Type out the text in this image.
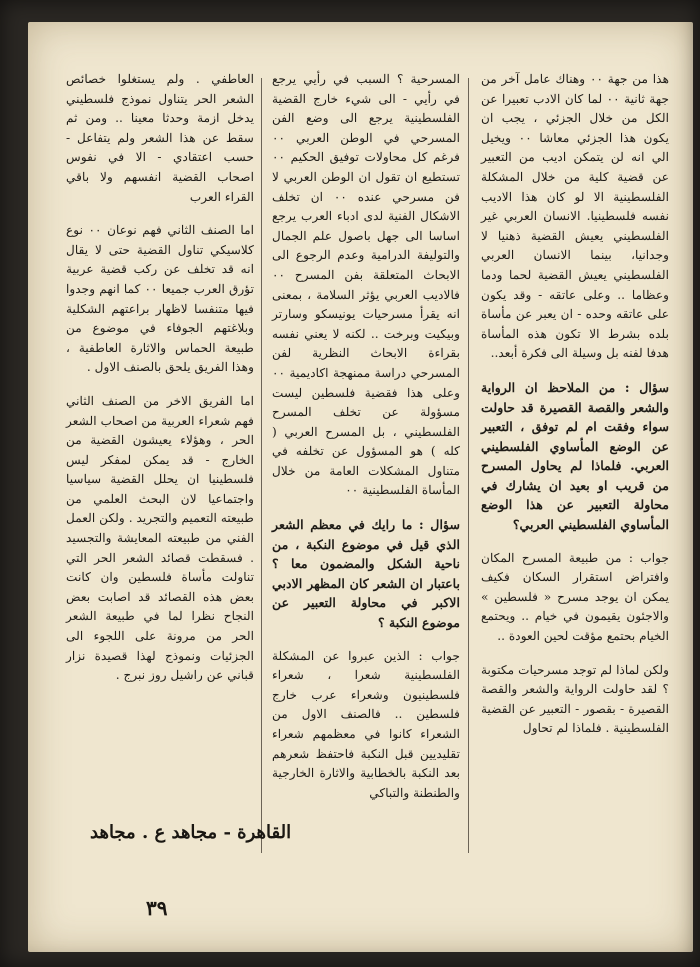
هذا من جهة ٠٠ وهناك عامل آخر من جهة ثانية ٠٠ لما كان الادب تعبيرا عن الكل من خلال الجزئي ، يجب ان يكون هذا الجزئي معاشا ٠٠ ويخيل الي انه لن يتمكن اديب من التعبير عن قضية كلية من خلال المشكلة الفلسطينية الا لو كان هذا الاديب نفسه فلسطينيا. الانسان العربي غير الفلسطيني يعيش القضية ذهنيا لا وجدانيا، بينما الانسان العربي الفلسطيني يعيش القضية لحما ودما وعظاما .. وعلى عاتقه - وقد يكون على عاتقه وحده - ان يعبر عن مأساة بلده بشرط الا تكون هذه المأساة هدفا لفنه بل وسيلة الى فكرة أبعد..

سؤال : من الملاحظ ان الرواية والشعر والقصة القصيرة قد حاولت سواء وفقت ام لم توفق ، التعبير عن الوضع المأساوي الفلسطيني العربي. فلماذا لم يحاول المسرح من قريب او بعيد ان يشارك في محاولة التعبير عن هذا الوضع المأساوي الفلسطيني العربي؟

جواب : من طبيعة المسرح المكان وافتراض استقرار السكان فكيف يمكن ان يوجد مسرح « فلسطين » والاجئون يقيمون في خيام .. ويحتمع الخيام بحتمع مؤقت لحين العودة ..

ولكن لماذا لم توجد مسرحيات مكتوبة ؟ لقد حاولت الرواية والشعر والقصة القصيرة - بقصور - التعبير عن القضية الفلسطينية . فلماذا لم تحاول

المسرحية ؟ السبب في رأيي يرجع في رأيي - الى شيء خارج القضية الفلسطينية يرجع الى وضع الفن المسرحي في الوطن العربي ٠٠ فرغم كل محاولات توفيق الحكيم ٠٠ تستطيع ان تقول ان الوطن العربي لا فن مسرحي عنده ٠٠ ان تخلف الاشكال الفنية لدى ادباء العرب يرجع اساسا الى جهل باصول علم الجمال والتوليفة الدرامية وعدم الرجوع الى الابحاث المتعلقة بفن المسرح ٠٠ فالاديب العربي يؤثر السلامة ، بمعنى انه يقرأ مسرحيات يونيسكو وسارتر وبيكيت وبرخت .. لكنه لا يعني نفسه بقراءة الابحاث النظرية لفن المسرحي دراسة ممنهجة اكاديمية ٠٠ وعلى هذا فقضية فلسطين ليست مسؤولة عن تخلف المسرح الفلسطيني ، بل المسرح العربي ( كله ) هو المسؤول عن تخلفه في متناول المشكلات العامة من خلال المأساة الفلسطينية ٠٠

سؤال : ما رايك في معظم الشعر الذي قيل في موضوع النكبة ، من ناحية الشكل والمضمون معا ؟ باعتبار ان الشعر كان المظهر الادبي الاكبر في محاولة التعبير عن موضوع النكبة ؟

جواب : الذين عبروا عن المشكلة الفلسطينية شعرا ، شعراء فلسطينيون وشعراء عرب خارج فلسطين .. فالصنف الاول من الشعراء كانوا في معظمهم شعراء تقليديين قبل النكبة فاحتفظ شعرهم بعد النكبة بالخطابية والاثارة الخارجية والطنطنة والتباكي

العاطفي . ولم يستغلوا خصائص الشعر الحر يتناول نموذج فلسطيني يدخل ازمة وحدثا معينا .. ومن ثم سقط عن هذا الشعر ولم يتفاعل - حسب اعتقادي - الا في نفوس اصحاب القضية انفسهم ولا باقي القراء العرب

اما الصنف الثاني فهم نوعان ٠٠ نوع كلاسيكي تناول القضية حتى لا يقال انه قد تخلف عن ركب قضية عربية تؤرق العرب جميعا ٠٠ كما انهم وجدوا فيها متنفسا لاظهار براعتهم الشكلية وبلاغتهم الجوفاء في موضوع من طبيعة الحماس والاثارة العاطفية ، وهذا الفريق يلحق بالصنف الاول .

اما الفريق الاخر من الصنف الثاني فهم شعراء العربية من اصحاب الشعر الحر ، وهؤلاء يعيشون القضية من الخارج - قد يمكن لمفكر ليس فلسطينيا ان يحلل القضية سياسيا واجتماعيا لان البحث العلمي من طبيعته التعميم والتجريد . ولكن العمل الفني من طبيعته المعايشة والتجسيد . فسقطت قصائد الشعر الحر التي تناولت مأساة فلسطين وان كانت بعض هذه القصائد قد اصابت بعض النجاح نظرا لما في طبيعة الشعر الحر من مرونة على اللجوء الى الجزئيات ونموذج لهذا قصيدة نزار قباني عن راشيل روز نبرج .

القاهرة - مجاهد ع . مجاهد
٣٩
